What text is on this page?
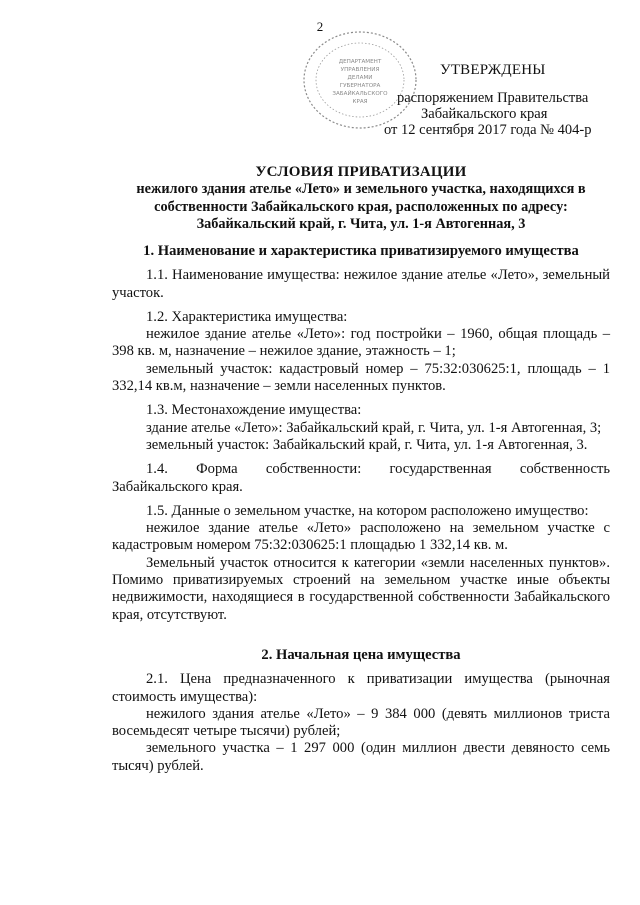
2
ДЕПАРТАМЕНТ
УПРАВЛЕНИЯ
ДЕЛАМИ
ГУБЕРНАТОРА
ЗАБАЙКАЛЬСКОГО
КРАЯ
УТВЕРЖДЕНЫ
распоряжением Правительства
Забайкальского края
от 12 сентября 2017 года № 404-р
УСЛОВИЯ ПРИВАТИЗАЦИИ
нежилого здания ателье «Лето» и земельного участка, находящихся в
собственности Забайкальского края, расположенных по адресу:
Забайкальский край, г. Чита, ул. 1-я Автогенная, 3

1. Наименование и характеристика приватизируемого имущества

1.1. Наименование имущества: нежилое здание ателье «Лето», земельный участок.

1.2. Характеристика имущества:

нежилое здание ателье «Лето»: год постройки – 1960, общая площадь – 398 кв. м, назначение – нежилое здание, этажность – 1;

земельный участок: кадастровый номер – 75:32:030625:1, площадь – 1 332,14 кв.м, назначение – земли населенных пунктов.

1.3. Местонахождение имущества:

здание ателье «Лето»: Забайкальский край, г. Чита, ул. 1-я Автогенная, 3;

земельный участок: Забайкальский край, г. Чита, ул. 1-я Автогенная, 3.

1.4. Форма собственности: государственная собственность Забайкальского края.

1.5. Данные о земельном участке, на котором расположено имущество:

нежилое здание ателье «Лето» расположено на земельном участке с кадастровым номером 75:32:030625:1 площадью 1 332,14 кв. м.

Земельный участок относится к категории «земли населенных пунктов». Помимо приватизируемых строений на земельном участке иные объекты недвижимости, находящиеся в государственной собственности Забайкальского края, отсутствуют.

2. Начальная цена имущества

2.1. Цена предназначенного к приватизации имущества (рыночная стоимость имущества):

нежилого здания ателье «Лето» – 9 384 000 (девять миллионов триста восемьдесят четыре тысячи) рублей;

земельного участка – 1 297 000 (один миллион двести девяносто семь тысяч) рублей.
